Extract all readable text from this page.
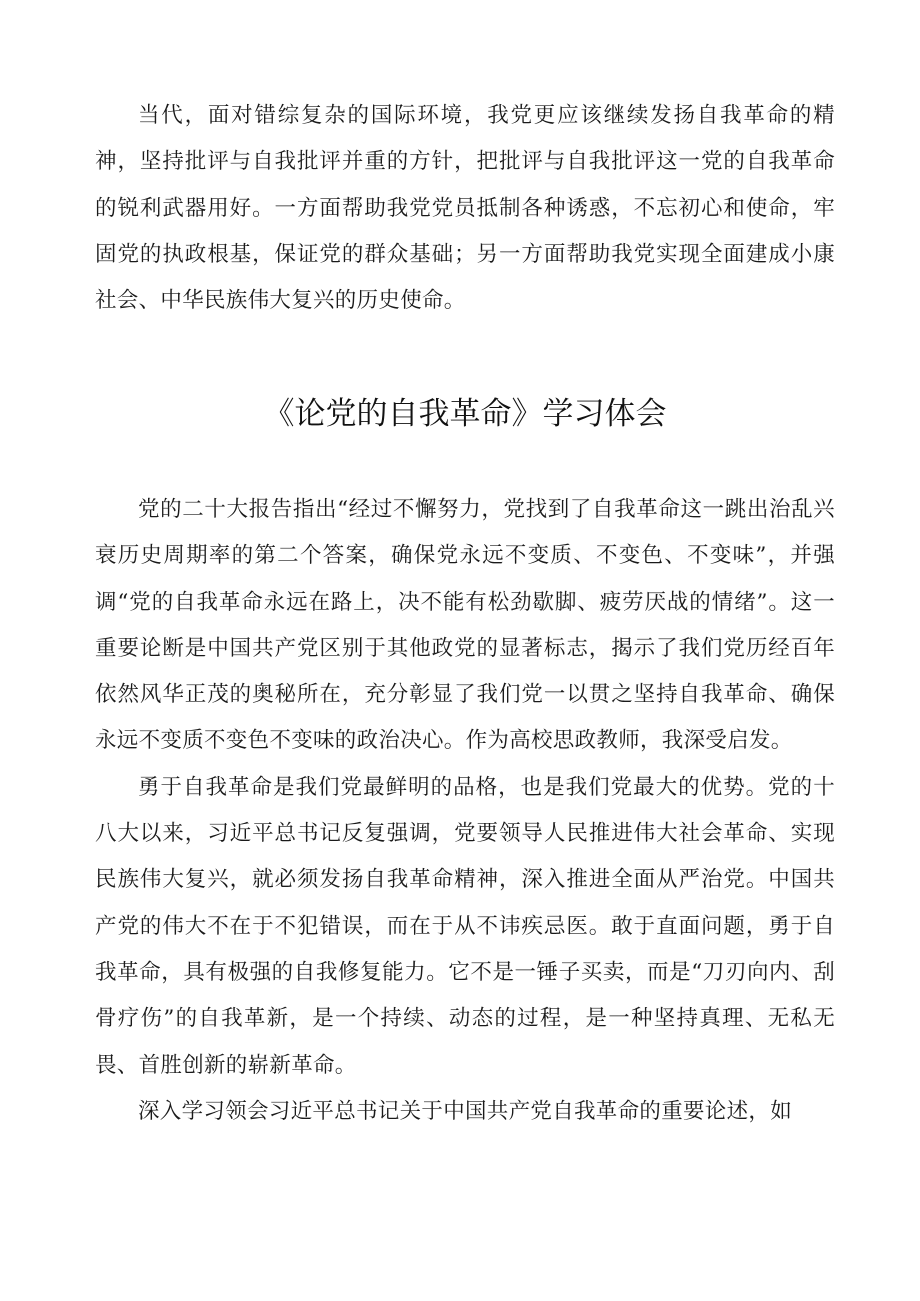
当代，面对错综复杂的国际环境，我党更应该继续发扬自我革命的精神，坚持批评与自我批评并重的方针，把批评与自我批评这一党的自我革命的锐利武器用好。一方面帮助我党党员抵制各种诱惑，不忘初心和使命，牢固党的执政根基，保证党的群众基础；另一方面帮助我党实现全面建成小康社会、中华民族伟大复兴的历史使命。

《论党的自我革命》学习体会

党的二十大报告指出“经过不懈努力，党找到了自我革命这一跳出治乱兴衰历史周期率的第二个答案，确保党永远不变质、不变色、不变味”，并强调“党的自我革命永远在路上，决不能有松劲歇脚、疲劳厌战的情绪”。这一重要论断是中国共产党区别于其他政党的显著标志，揭示了我们党历经百年依然风华正茂的奥秘所在，充分彰显了我们党一以贯之坚持自我革命、确保永远不变质不变色不变味的政治决心。作为高校思政教师，我深受启发。

勇于自我革命是我们党最鲜明的品格，也是我们党最大的优势。党的十八大以来，习近平总书记反复强调，党要领导人民推进伟大社会革命、实现民族伟大复兴，就必须发扬自我革命精神，深入推进全面从严治党。中国共产党的伟大不在于不犯错误，而在于从不讳疾忌医。敢于直面问题，勇于自我革命，具有极强的自我修复能力。它不是一锤子买卖，而是“刀刃向内、刮骨疗伤”的自我革新，是一个持续、动态的过程，是一种坚持真理、无私无畏、首胜创新的崭新革命。

深入学习领会习近平总书记关于中国共产党自我革命的重要论述，如
